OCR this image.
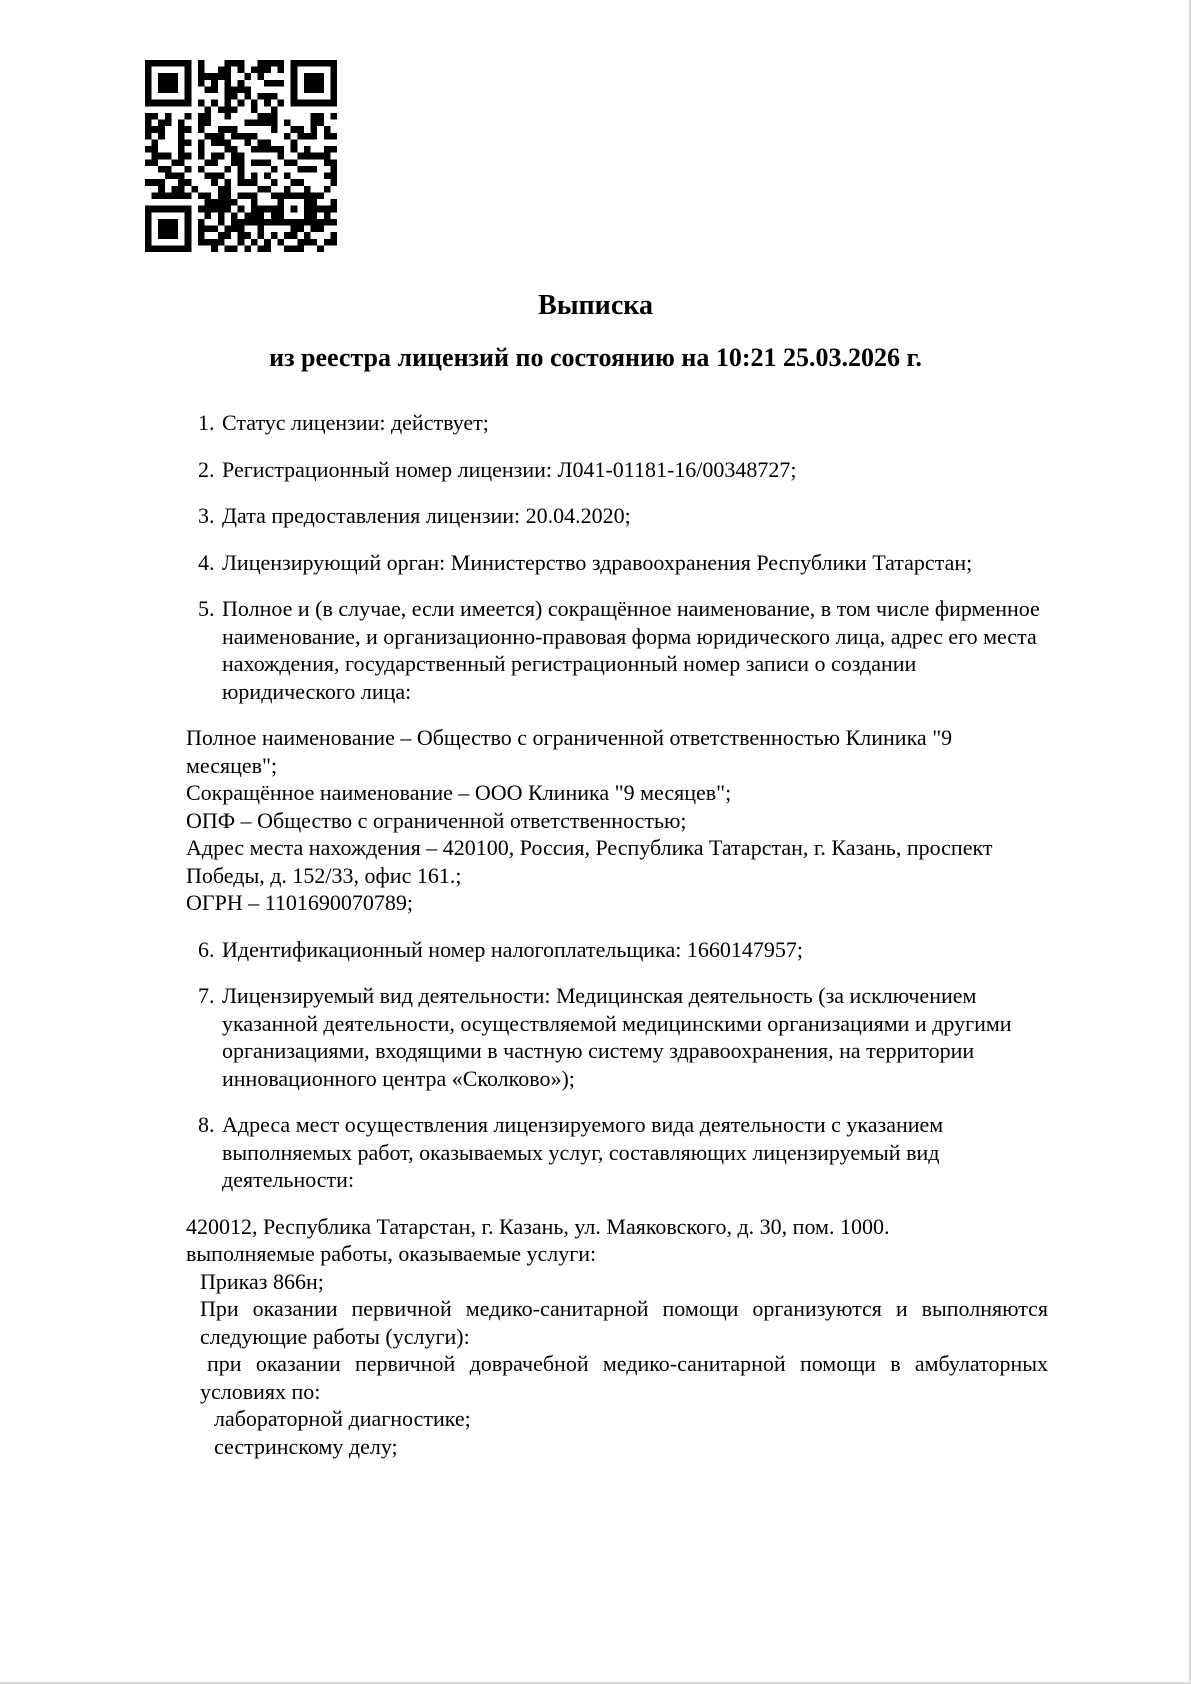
Выписка
из реестра лицензий по состоянию на 10:21 25.03.2026 г.
1. Статус лицензии: действует;
2. Регистрационный номер лицензии: Л041-01181-16/00348727;
3. Дата предоставления лицензии: 20.04.2020;
4. Лицензирующий орган: Министерство здравоохранения Республики Татарстан;
5. Полное и (в случае, если имеется) сокращённое наименование, в том числе фирменное
наименование, и организационно-правовая форма юридического лица, адрес его места
нахождения, государственный регистрационный номер записи о создании
юридического лица:
Полное наименование – Общество с ограниченной ответственностью Клиника "9
месяцев";
Сокращённое наименование – ООО Клиника "9 месяцев";
ОПФ – Общество с ограниченной ответственностью;
Адрес места нахождения – 420100, Россия, Республика Татарстан, г. Казань, проспект
Победы, д. 152/33, офис 161.;
ОГРН – 1101690070789;
6. Идентификационный номер налогоплательщика: 1660147957;
7. Лицензируемый вид деятельности: Медицинская деятельность (за исключением
указанной деятельности, осуществляемой медицинскими организациями и другими
организациями, входящими в частную систему здравоохранения, на территории
инновационного центра «Сколково»);
8. Адреса мест осуществления лицензируемого вида деятельности с указанием
выполняемых работ, оказываемых услуг, составляющих лицензируемый вид
деятельности:
420012, Республика Татарстан, г. Казань, ул. Маяковского, д. 30, пом. 1000.
выполняемые работы, оказываемые услуги:
Приказ 866н;
При оказании первичной медико-санитарной помощи организуются и выполняются
следующие работы (услуги):
при оказании первичной доврачебной медико-санитарной помощи в амбулаторных
условиях по:
лабораторной диагностике;
сестринскому делу;
